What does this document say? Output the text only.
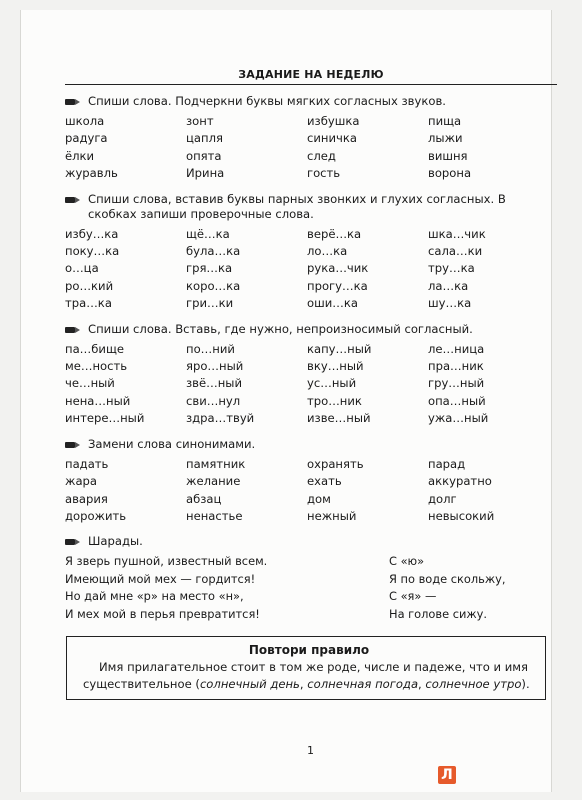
ЗАДАНИЕ НА НЕДЕЛЮ
Спиши слова. Подчеркни буквы мягких согласных звуков.
школа	зонт	избушка	пища
радуга	цапля	синичка	лыжи
ёлки	опята	след	вишня
журавль	Ирина	гость	ворона
Спиши слова, вставив буквы парных звонких и глухих согласных. В скобках запиши проверочные слова.
избу…ка	щё…ка	верё…ка	шка…чик
поку…ка	була…ка	ло…ка	сала…ки
о…ца	гря…ка	рука…чик	тру…ка
ро…кий	коро…ка	прогу…ка	ла…ка
тра…ка	гри…ки	оши…ка	шу…ка
Спиши слова. Вставь, где нужно, непроизносимый согласный.
па…бище	по…ний	капу…ный	ле…ница
ме…ность	яро…ный	вку…ный	пра…ник
че…ный	звё…ный	ус…ный	гру…ный
нена…ный	сви…нул	тро…ник	опа…ный
интере…ный	здра…твуй	изве…ный	ужа…ный
Замени слова синонимами.
падать	памятник	охранять	парад
жара	желание	ехать	аккуратно
авария	абзац	дом	долг
дорожить	ненастье	нежный	невысокий
Шарады.
Я зверь пушной, известный всем.	С «ю»
Имеющий мой мех — гордится!	Я по воде скольжу,
Но дай мне «р» на место «н»,	С «я» —
И мех мой в перья превратится!	На голове сижу.
Повтори правило

Имя прилагательное стоит в том же роде, числе и падеже, что и имя существительное (солнечный день, солнечная погода, солнечное утро).

1
Л
